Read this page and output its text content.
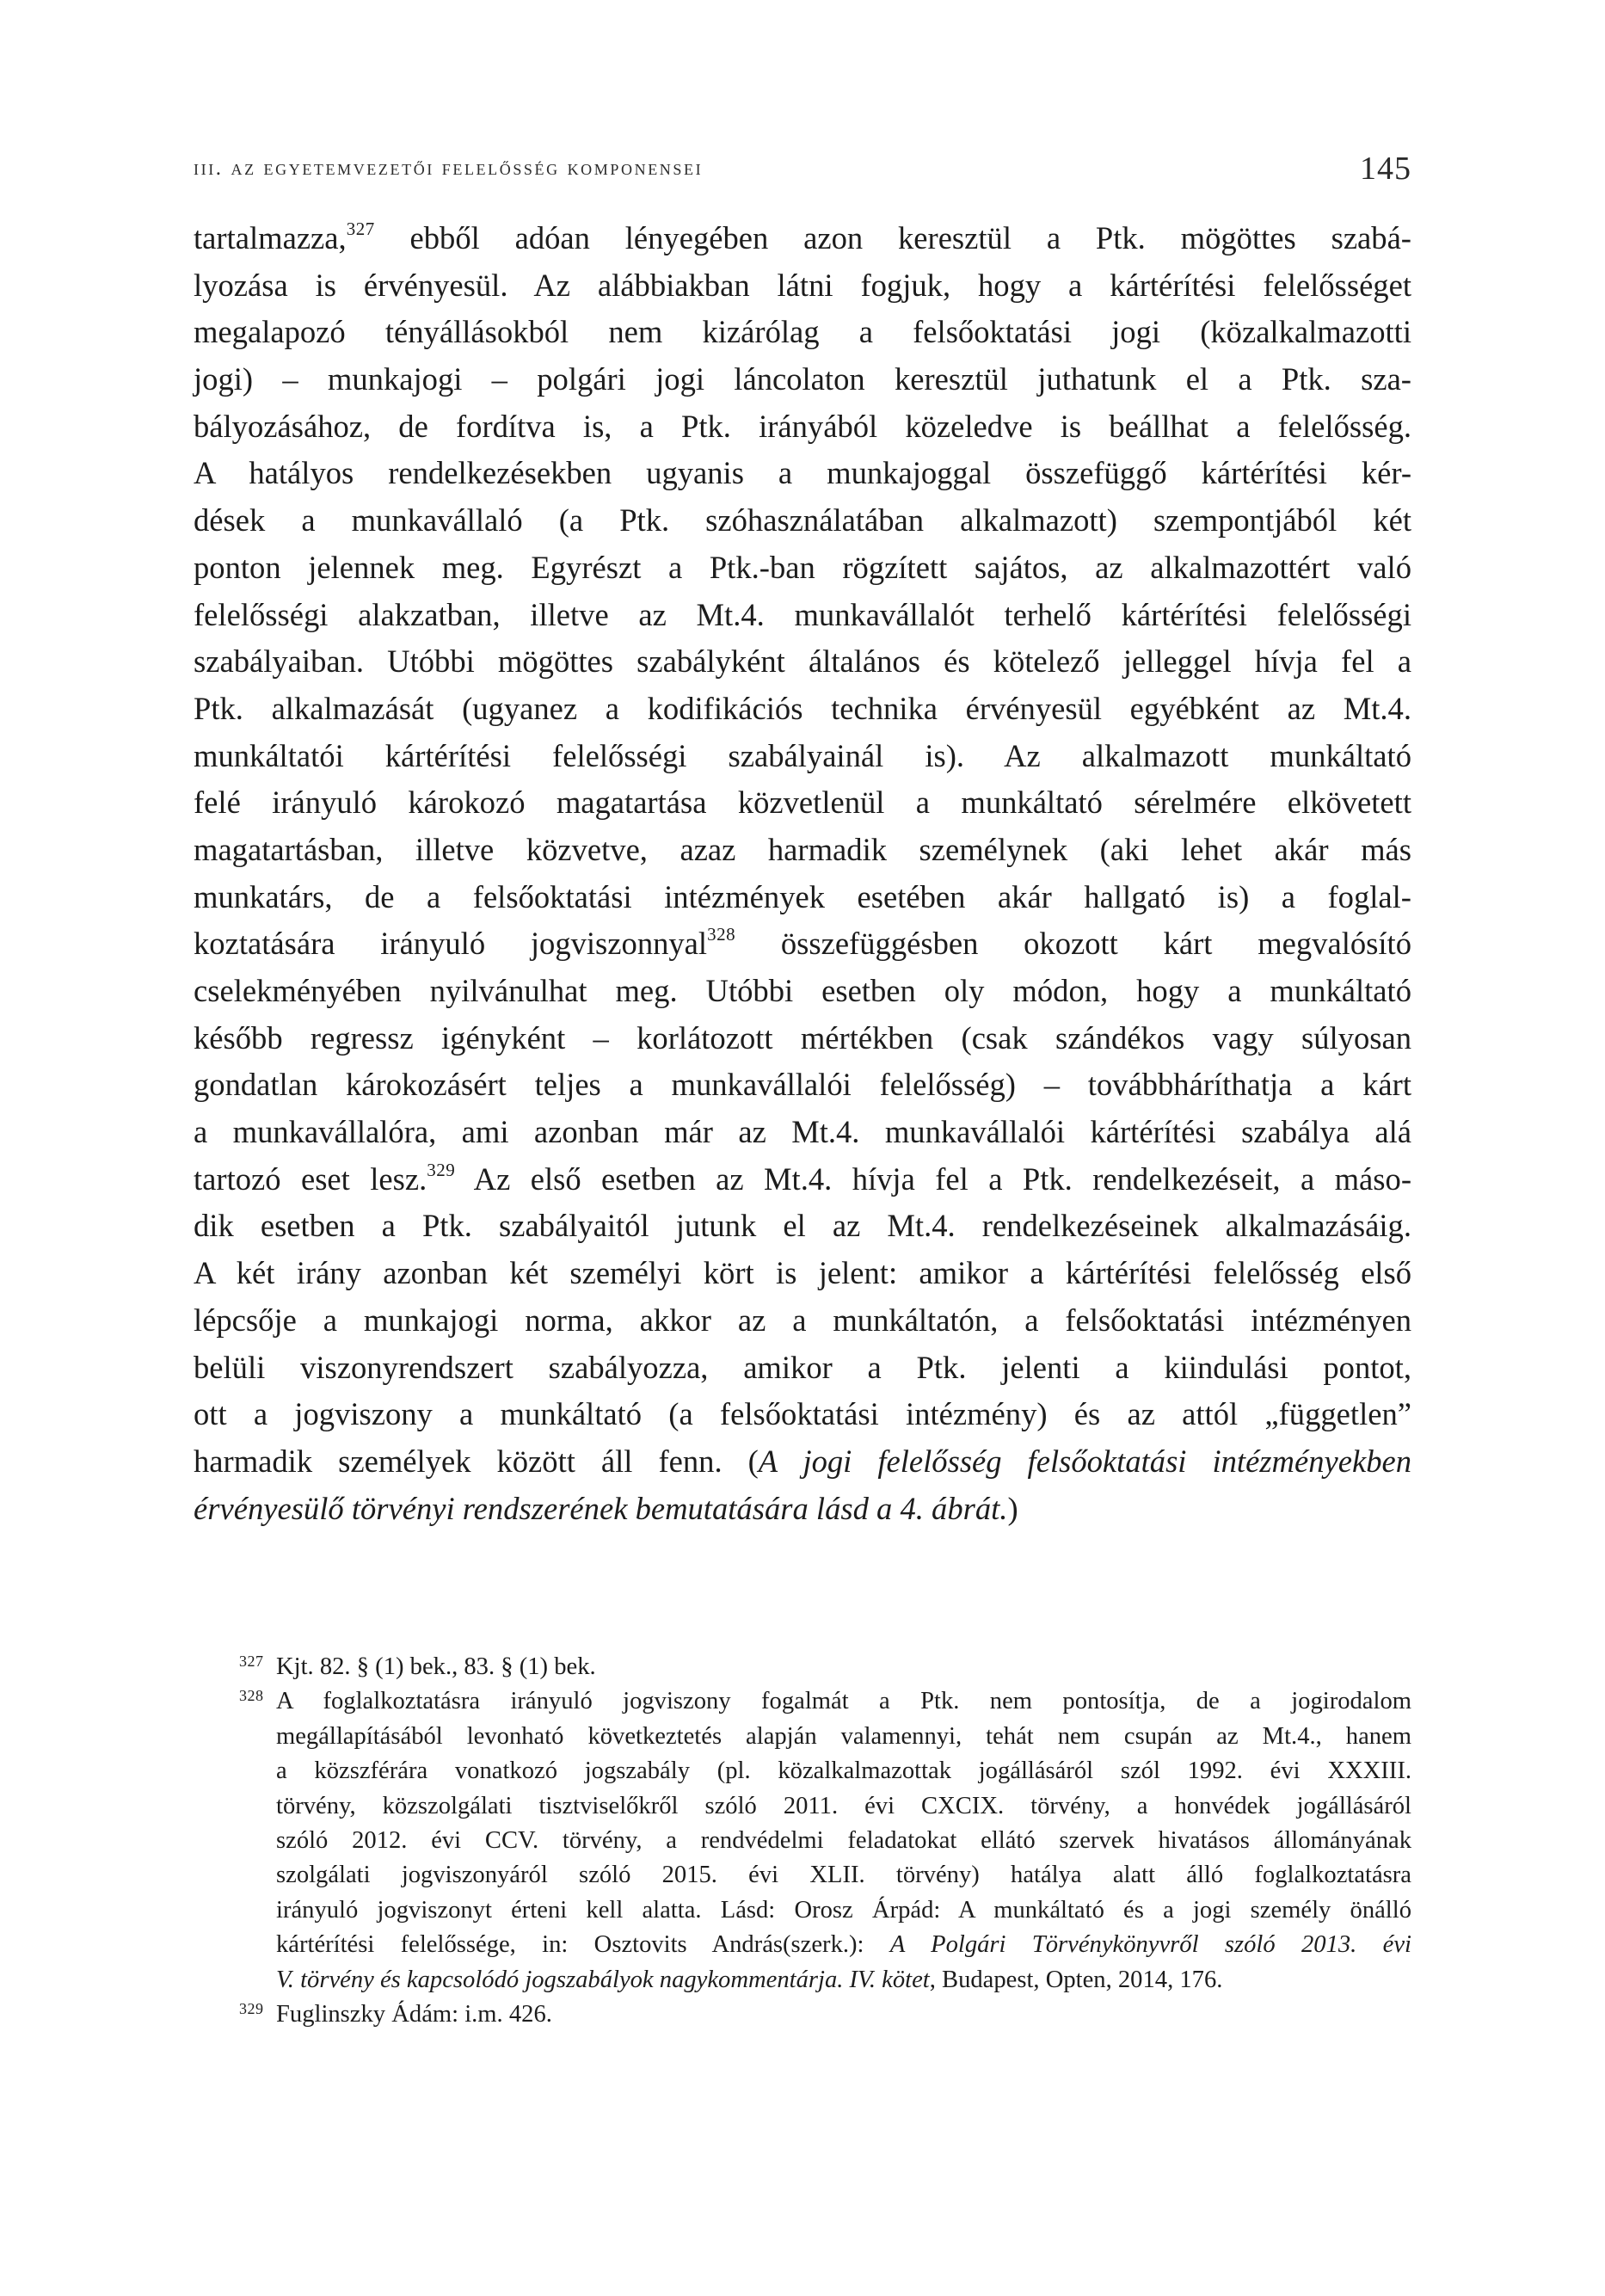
iii. az egyetemvezetői felelősség komponensei	145
tartalmazza,$^{327}$ ebből adóan lényegében azon keresztül a Ptk. mögöttes szabá-
lyozása is érvényesül. Az alábbiakban látni fogjuk, hogy a kártérítési felelősséget
megalapozó tényállásokból nem kizárólag a felsőoktatási jogi (közalkalmazotti
jogi) – munkajogi – polgári jogi láncolaton keresztül juthatunk el a Ptk. sza-
bályozásához, de fordítva is, a Ptk. irányából közeledve is beállhat a felelősség.
A hatályos rendelkezésekben ugyanis a munkajoggal összefüggő kártérítési kér-
dések a munkavállaló (a Ptk. szóhasználatában alkalmazott) szempontjából két
ponton jelennek meg. Egyrészt a Ptk.-ban rögzített sajátos, az alkalmazottért való
felelősségi alakzatban, illetve az Mt.4. munkavállalót terhelő kártérítési felelősségi
szabályaiban. Utóbbi mögöttes szabályként általános és kötelező jelleggel hívja fel a
Ptk. alkalmazását (ugyanez a kodifikációs technika érvényesül egyébként az Mt.4.
munkáltatói kártérítési felelősségi szabályainál is). Az alkalmazott munkáltató
felé irányuló károkozó magatartása közvetlenül a munkáltató sérelmére elkövetett
magatartásban, illetve közvetve, azaz harmadik személynek (aki lehet akár más
munkatárs, de a felsőoktatási intézmények esetében akár hallgató is) a foglal-
koztatására irányuló jogviszonnyal$^{328}$ összefüggésben okozott kárt megvalósító
cselekményében nyilvánulhat meg. Utóbbi esetben oly módon, hogy a munkáltató
később regressz igényként – korlátozott mértékben (csak szándékos vagy súlyosan
gondatlan károkozásért teljes a munkavállalói felelősség) – továbbháríthatja a kárt
a munkavállalóra, ami azonban már az Mt.4. munkavállalói kártérítési szabálya alá
tartozó eset lesz.$^{329}$ Az első esetben az Mt.4. hívja fel a Ptk. rendelkezéseit, a máso-
dik esetben a Ptk. szabályaitól jutunk el az Mt.4. rendelkezéseinek alkalmazásáig.
A két irány azonban két személyi kört is jelent: amikor a kártérítési felelősség első
lépcsője a munkajogi norma, akkor az a munkáltatón, a felsőoktatási intézményen
belüli viszonyrendszert szabályozza, amikor a Ptk. jelenti a kiindulási pontot,
ott a jogviszony a munkáltató (a felsőoktatási intézmény) és az attól „független”
harmadik személyek között áll fenn. (A jogi felelősség felsőoktatási intézményekben
érvényesülő törvényi rendszerének bemutatására lásd a 4. ábrát.)
327 Kjt. 82. § (1) bek., 83. § (1) bek.
328 A foglalkoztatásra irányuló jogviszony fogalmát a Ptk. nem pontosítja, de a jogirodalom
megállapításából levonható következtetés alapján valamennyi, tehát nem csupán az Mt.4., hanem
a közszférára vonatkozó jogszabály (pl. közalkalmazottak jogállásáról szól 1992. évi XXXIII.
törvény, közszolgálati tisztviselőkről szóló 2011. évi CXCIX. törvény, a honvédek jogállásáról
szóló 2012. évi CCV. törvény, a rendvédelmi feladatokat ellátó szervek hivatásos állományának
szolgálati jogviszonyáról szóló 2015. évi XLII. törvény) hatálya alatt álló foglalkoztatásra
irányuló jogviszonyt érteni kell alatta. Lásd: Orosz Árpád: A munkáltató és a jogi személy önálló
kártérítési felelőssége, in: Osztovits András(szerk.): A Polgári Törvénykönyvről szóló 2013. évi
V. törvény és kapcsolódó jogszabályok nagykommentárja. IV. kötet, Budapest, Opten, 2014, 176.
329 Fuglinszky Ádám: i.m. 426.
